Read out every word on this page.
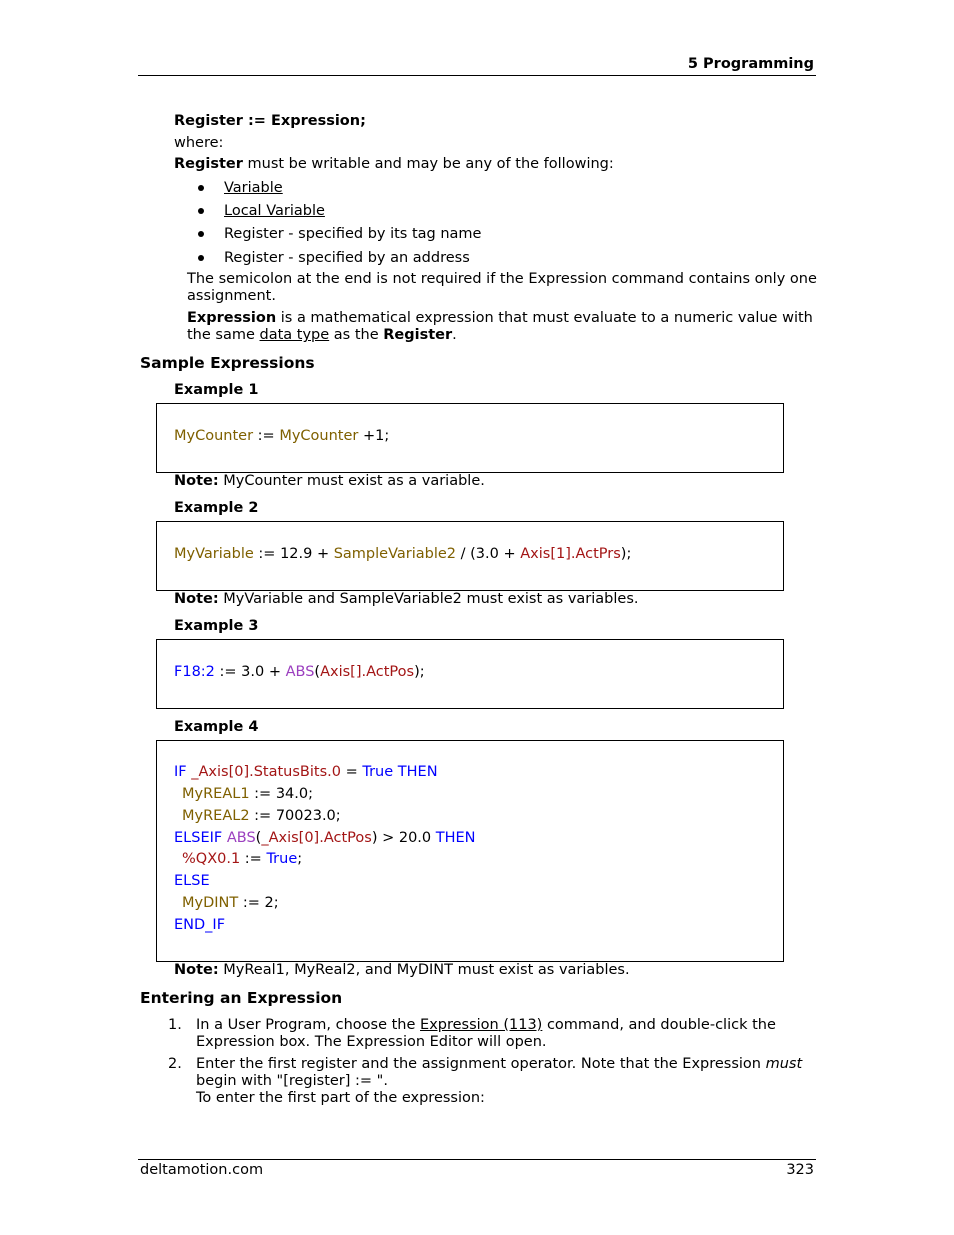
5 Programming
Register := Expression;
where:
Register must be writable and may be any of the following:
Variable
Local Variable
Register - specified by its tag name
Register - specified by an address
The semicolon at the end is not required if the Expression command contains only one
assignment.
Expression is a mathematical expression that must evaluate to a numeric value with
the same data type as the Register.
Sample Expressions
Example 1
MyCounter := MyCounter +1;
Note: MyCounter must exist as a variable.
Example 2
MyVariable := 12.9 + SampleVariable2 / (3.0 + Axis[1].ActPrs);
Note: MyVariable and SampleVariable2 must exist as variables.
Example 3
F18:2 := 3.0 + ABS(Axis[].ActPos);
Example 4
IF _Axis[0].StatusBits.0 = True THEN
MyREAL1 := 34.0;
MyREAL2 := 70023.0;
ELSEIF ABS(_Axis[0].ActPos) > 20.0 THEN
%QX0.1 := True;
ELSE
MyDINT := 2;
END_IF
Note: MyReal1, MyReal2, and MyDINT must exist as variables.
Entering an Expression
1. In a User Program, choose the Expression (113) command, and double-click the
Expression box. The Expression Editor will open.
2. Enter the first register and the assignment operator. Note that the Expression must
begin with "[register] := ".
To enter the first part of the expression:
deltamotion.com	323
